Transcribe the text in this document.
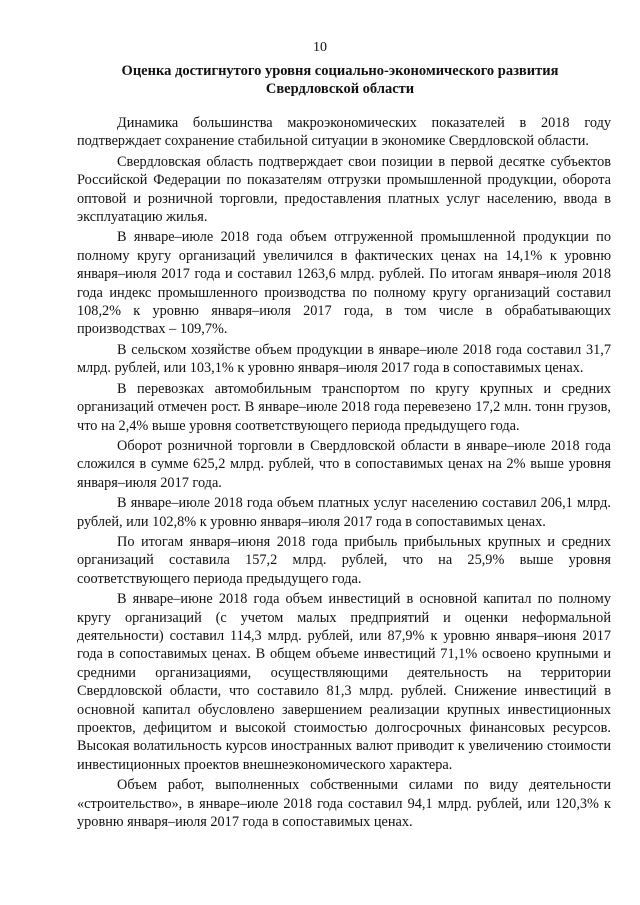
10
Оценка достигнутого уровня социально-экономического развития
Свердловской области

Динамика большинства макроэкономических показателей в 2018 году подтверждает сохранение стабильной ситуации в экономике Свердловской области.

Свердловская область подтверждает свои позиции в первой десятке субъектов Российской Федерации по показателям отгрузки промышленной продукции, оборота оптовой и розничной торговли, предоставления платных услуг населению, ввода в эксплуатацию жилья.

В январе–июле 2018 года объем отгруженной промышленной продукции по полному кругу организаций увеличился в фактических ценах на 14,1% к уровню января–июля 2017 года и составил 1263,6 млрд. рублей. По итогам января–июля 2018 года индекс промышленного производства по полному кругу организаций составил 108,2% к уровню января–июля 2017 года, в том числе в обрабатывающих производствах – 109,7%.

В сельском хозяйстве объем продукции в январе–июле 2018 года составил 31,7 млрд. рублей, или 103,1% к уровню января–июля 2017 года в сопоставимых ценах.

В перевозках автомобильным транспортом по кругу крупных и средних организаций отмечен рост. В январе–июле 2018 года перевезено 17,2 млн. тонн грузов, что на 2,4% выше уровня соответствующего периода предыдущего года.

Оборот розничной торговли в Свердловской области в январе–июле 2018 года сложился в сумме 625,2 млрд. рублей, что в сопоставимых ценах на 2% выше уровня января–июля 2017 года.

В январе–июле 2018 года объем платных услуг населению составил 206,1 млрд. рублей, или 102,8% к уровню января–июля 2017 года в сопоставимых ценах.

По итогам января–июня 2018 года прибыль прибыльных крупных и средних организаций составила 157,2 млрд. рублей, что на 25,9% выше уровня соответствующего периода предыдущего года.

В январе–июне 2018 года объем инвестиций в основной капитал по полному кругу организаций (с учетом малых предприятий и оценки неформальной деятельности) составил 114,3 млрд. рублей, или 87,9% к уровню января–июня 2017 года в сопоставимых ценах. В общем объеме инвестиций 71,1% освоено крупными и средними организациями, осуществляющими деятельность на территории Свердловской области, что составило 81,3 млрд. рублей. Снижение инвестиций в основной капитал обусловлено завершением реализации крупных инвестиционных проектов, дефицитом и высокой стоимостью долгосрочных финансовых ресурсов. Высокая волатильность курсов иностранных валют приводит к увеличению стоимости инвестиционных проектов внешнеэкономического характера.

Объем работ, выполненных собственными силами по виду деятельности «строительство», в январе–июле 2018 года составил 94,1 млрд. рублей, или 120,3% к уровню января–июля 2017 года в сопоставимых ценах.
